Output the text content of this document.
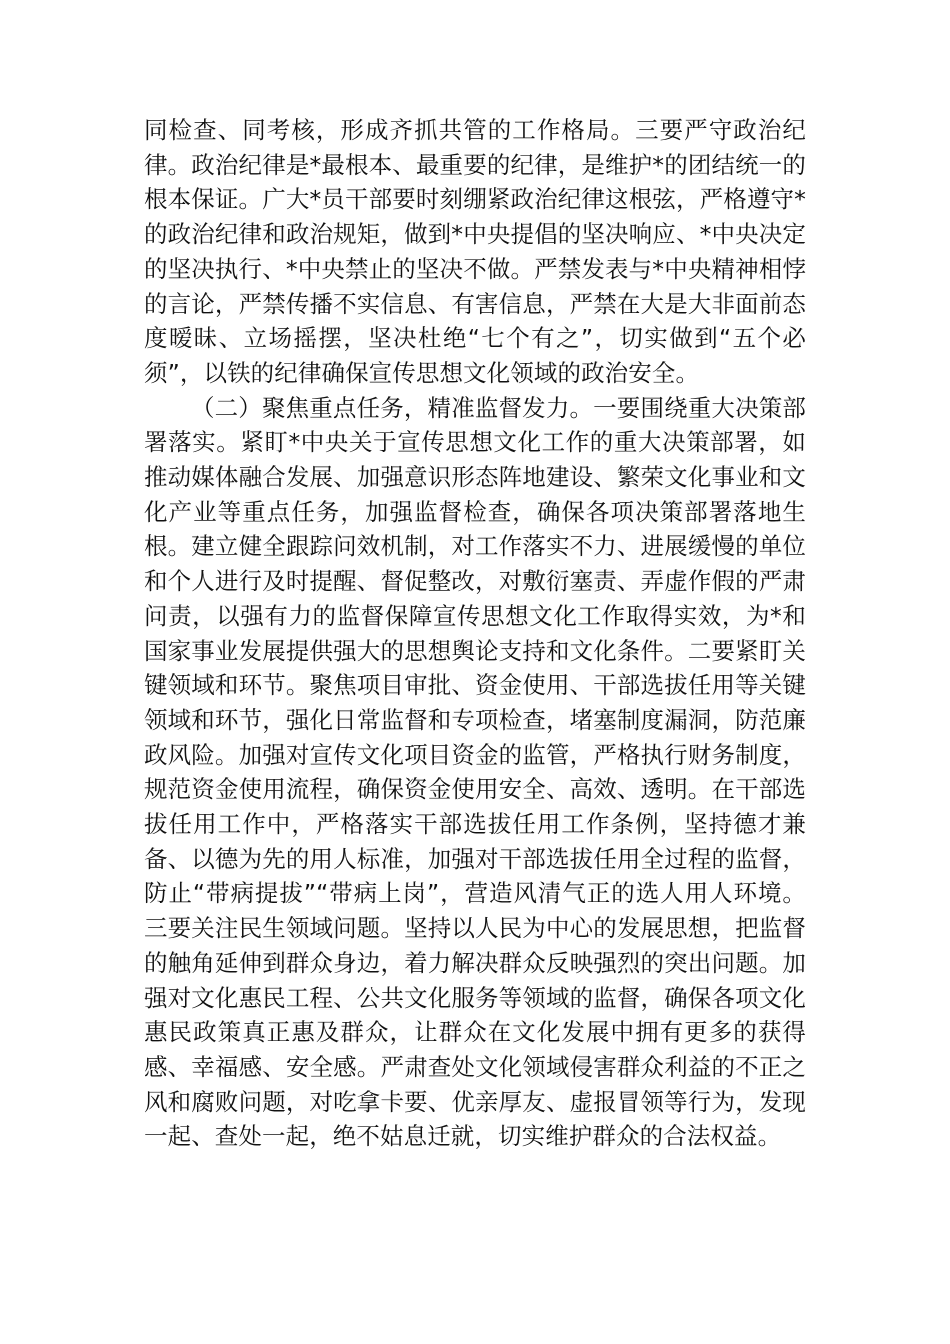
同检查、同考核，形成齐抓共管的工作格局。三要严守政治纪律。政治纪律是*最根本、最重要的纪律，是维护*的团结统一的根本保证。广大*员干部要时刻绷紧政治纪律这根弦，严格遵守*的政治纪律和政治规矩，做到*中央提倡的坚决响应、*中央决定的坚决执行、*中央禁止的坚决不做。严禁发表与*中央精神相悖的言论，严禁传播不实信息、有害信息，严禁在大是大非面前态度暧昧、立场摇摆，坚决杜绝“七个有之”，切实做到“五个必须”，以铁的纪律确保宣传思想文化领域的政治安全。

（二）聚焦重点任务，精准监督发力。一要围绕重大决策部署落实。紧盯*中央关于宣传思想文化工作的重大决策部署，如推动媒体融合发展、加强意识形态阵地建设、繁荣文化事业和文化产业等重点任务，加强监督检查，确保各项决策部署落地生根。建立健全跟踪问效机制，对工作落实不力、进展缓慢的单位和个人进行及时提醒、督促整改，对敷衍塞责、弄虚作假的严肃问责，以强有力的监督保障宣传思想文化工作取得实效，为*和国家事业发展提供强大的思想舆论支持和文化条件。二要紧盯关键领域和环节。聚焦项目审批、资金使用、干部选拔任用等关键领域和环节，强化日常监督和专项检查，堵塞制度漏洞，防范廉政风险。加强对宣传文化项目资金的监管，严格执行财务制度，规范资金使用流程，确保资金使用安全、高效、透明。在干部选拔任用工作中，严格落实干部选拔任用工作条例，坚持德才兼备、以德为先的用人标准，加强对干部选拔任用全过程的监督，防止“带病提拔”“带病上岗”，营造风清气正的选人用人环境。三要关注民生领域问题。坚持以人民为中心的发展思想，把监督的触角延伸到群众身边，着力解决群众反映强烈的突出问题。加强对文化惠民工程、公共文化服务等领域的监督，确保各项文化惠民政策真正惠及群众，让群众在文化发展中拥有更多的获得感、幸福感、安全感。严肃查处文化领域侵害群众利益的不正之风和腐败问题，对吃拿卡要、优亲厚友、虚报冒领等行为，发现一起、查处一起，绝不姑息迁就，切实维护群众的合法权益。
